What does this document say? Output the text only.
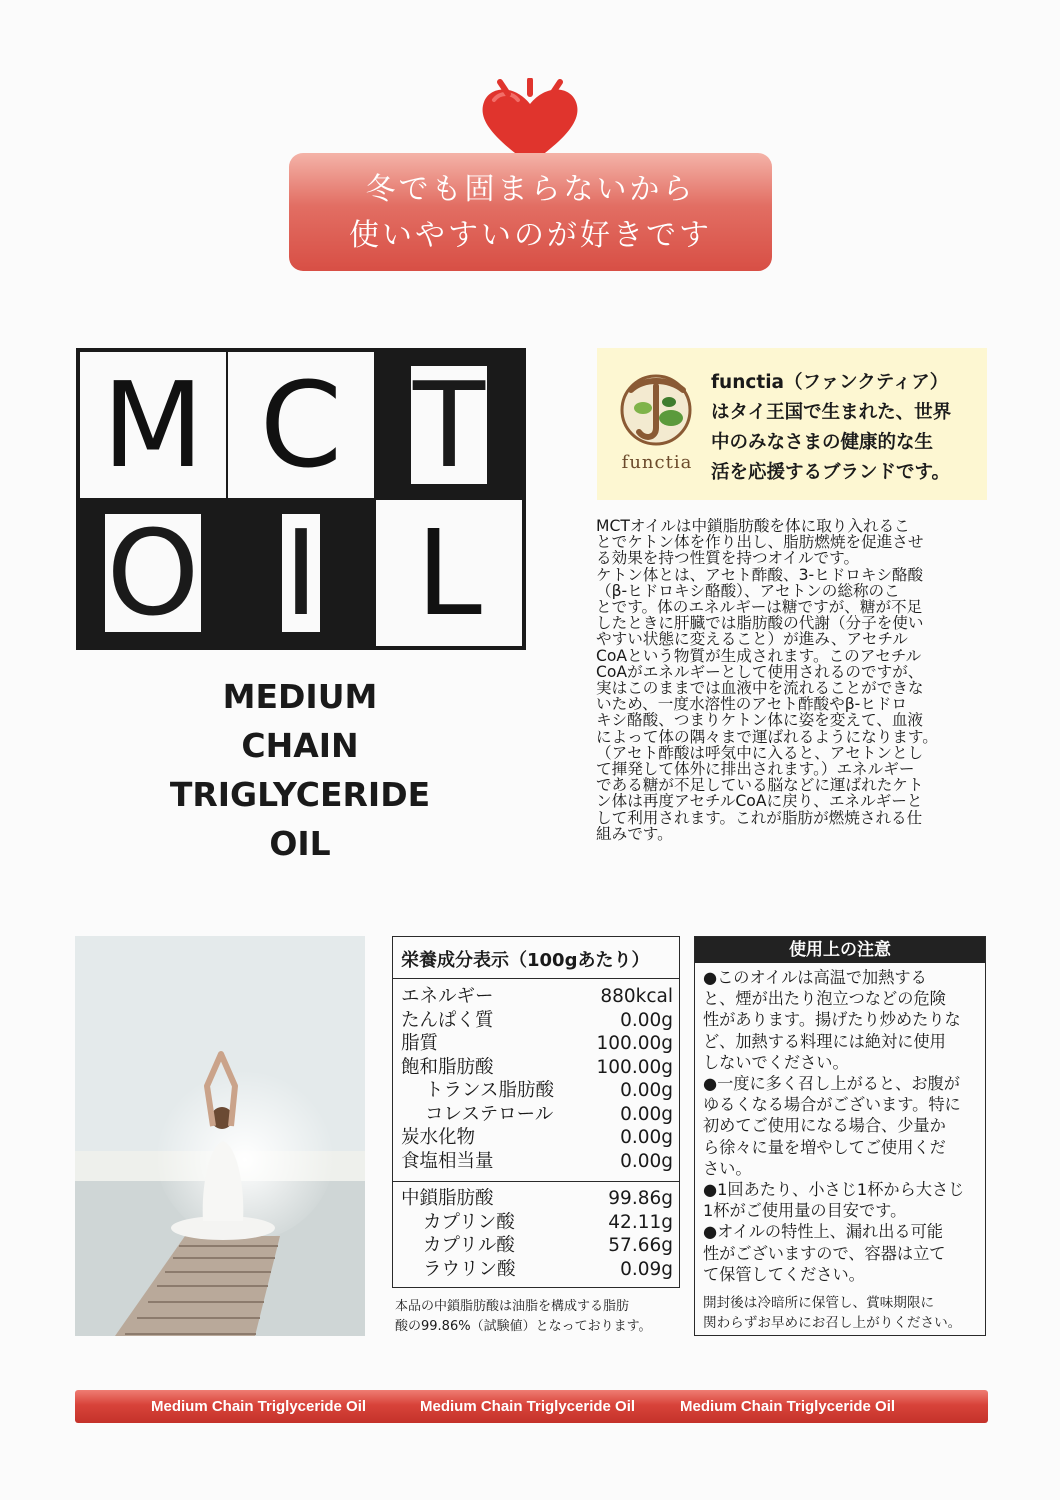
冬でも固まらないから
使いやすいのが好きです
M C T
O I L
MEDIUM
CHAIN
TRIGLYCERIDE
OIL
functia
functia（ファンクティア）
はタイ王国で生まれた、世界
中のみなさまの健康的な生
活を応援するブランドです。
MCTオイルは中鎖脂肪酸を体に取り入れるこ
とでケトン体を作り出し、脂肪燃焼を促進させ
る効果を持つ性質を持つオイルです。
ケトン体とは、アセト酢酸、3-ヒドロキシ酪酸
（β-ヒドロキシ酪酸）、アセトンの総称のこ
とです。体のエネルギーは糖ですが、糖が不足
したときに肝臓では脂肪酸の代謝（分子を使い
やすい状態に変えること）が進み、アセチル
CoAという物質が生成されます。このアセチル
CoAがエネルギーとして使用されるのですが、
実はこのままでは血液中を流れることができな
いため、一度水溶性のアセト酢酸やβ-ヒドロ
キシ酪酸、つまりケトン体に姿を変えて、血液
によって体の隅々まで運ばれるようになります。
（アセト酢酸は呼気中に入ると、アセトンとし
て揮発して体外に排出されます。）エネルギー
である糖が不足している脳などに運ばれたケト
ン体は再度アセチルCoAに戻り、エネルギーと
して利用されます。これが脂肪が燃焼される仕
組みです。
栄養成分表示（100gあたり）
エネルギー	880kcal
たんぱく質	0.00g
脂質	100.00g
飽和脂肪酸	100.00g
トランス脂肪酸	0.00g
コレステロール	0.00g
炭水化物	0.00g
食塩相当量	0.00g
中鎖脂肪酸	99.86g
カプリン酸	42.11g
カプリル酸	57.66g
ラウリン酸	0.09g
本品の中鎖脂肪酸は油脂を構成する脂肪
酸の99.86%（試験値）となっております。
使用上の注意
●このオイルは高温で加熱する
と、煙が出たり泡立つなどの危険
性があります。揚げたり炒めたりな
ど、加熱する料理には絶対に使用
しないでください。
●一度に多く召し上がると、お腹が
ゆるくなる場合がございます。特に
初めてご使用になる場合、少量か
ら徐々に量を増やしてご使用くだ
さい。
●1回あたり、小さじ1杯から大さじ
1杯がご使用量の目安です。
●オイルの特性上、漏れ出る可能
性がございますので、容器は立て
て保管してください。
開封後は冷暗所に保管し、賞味期限に
関わらずお早めにお召し上がりください。
Medium Chain Triglyceride Oil	Medium Chain Triglyceride Oil	Medium Chain Triglyceride Oil
